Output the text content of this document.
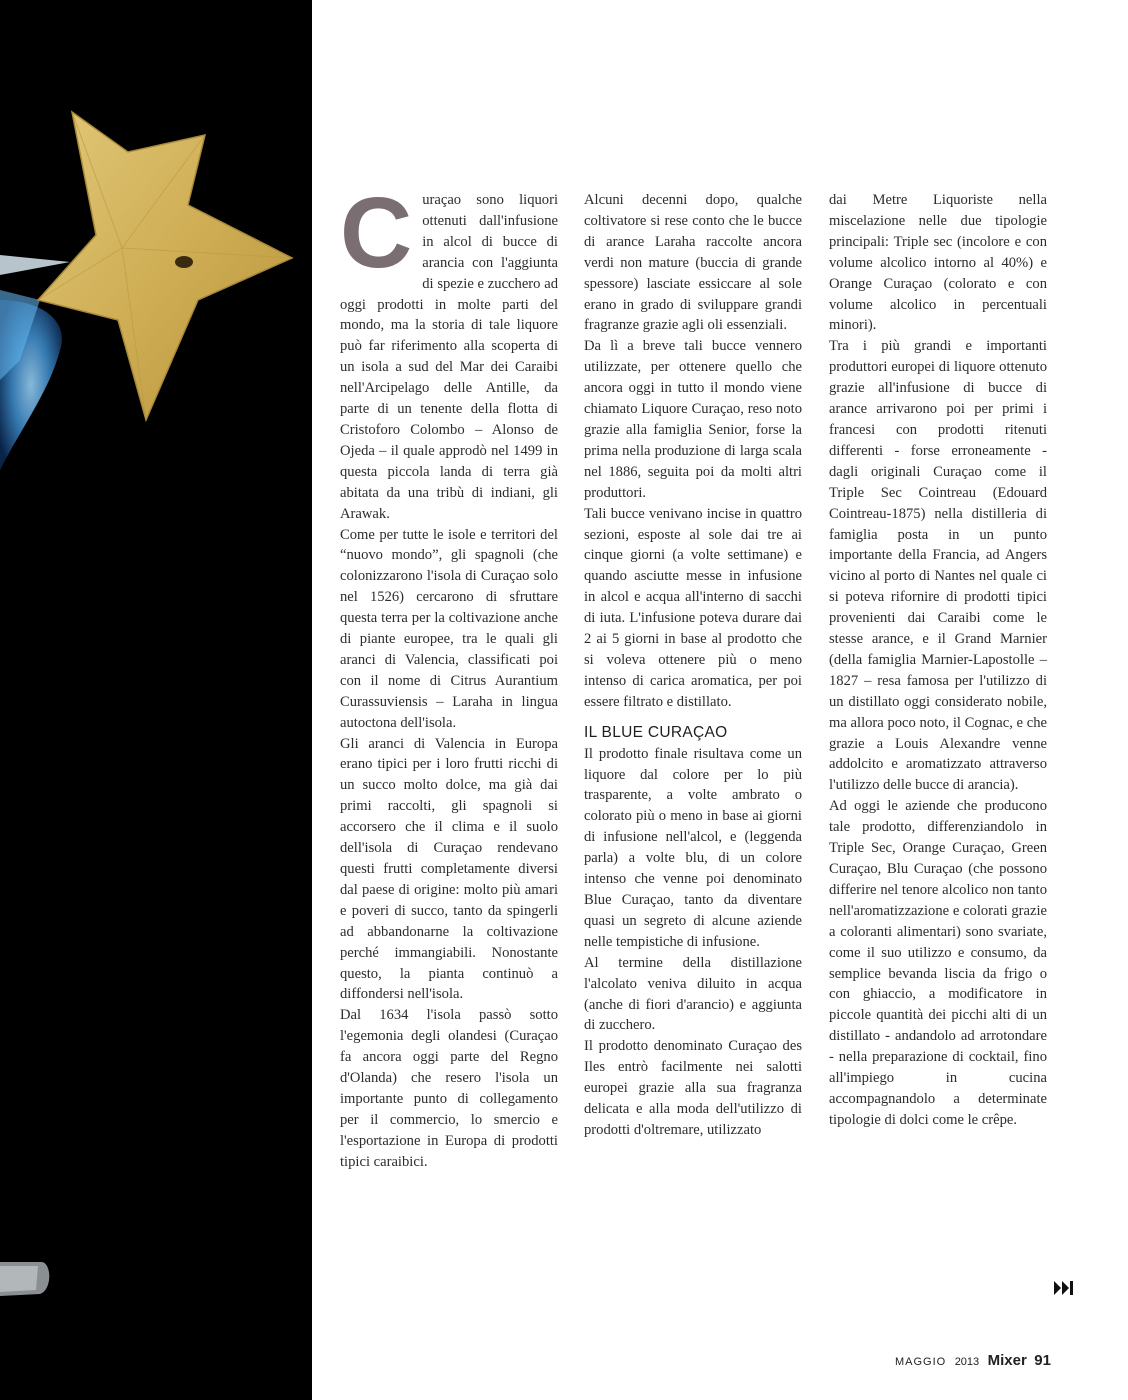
C uraçao sono liquori ottenuti dall'infusione in alcol di bucce di arancia con l'aggiunta di spezie e zucchero ad oggi prodotti in molte parti del mondo, ma la storia di tale liquore può far riferimento alla scoperta di un isola a sud del Mar dei Caraibi nell'Arcipelago delle Antille, da parte di un tenente della flotta di Cristoforo Colombo – Alonso de Ojeda – il quale approdò nel 1499 in questa piccola landa di terra già abitata da una tribù di indiani, gli Arawak.

Come per tutte le isole e territori del “nuovo mondo”, gli spagnoli (che colonizzarono l'isola di Curaçao solo nel 1526) cercarono di sfruttare questa terra per la coltivazione anche di piante europee, tra le quali gli aranci di Valencia, classificati poi con il nome di Citrus Aurantium Curassuviensis – Laraha in lingua autoctona dell'isola.

Gli aranci di Valencia in Europa erano tipici per i loro frutti ricchi di un succo molto dolce, ma già dai primi raccolti, gli spagnoli si accorsero che il clima e il suolo dell'isola di Curaçao rendevano questi frutti completamente diversi dal paese di origine: molto più amari e poveri di succo, tanto da spingerli ad abbandonarne la coltivazione perché immangiabili. Nonostante questo, la pianta continuò a diffondersi nell'isola.

Dal 1634 l'isola passò sotto l'egemonia degli olandesi (Curaçao fa ancora oggi parte del Regno d'Olanda) che resero l'isola un importante punto di collegamento per il commercio, lo smercio e l'esportazione in Europa di prodotti tipici caraibici.

Alcuni decenni dopo, qualche coltivatore si rese conto che le bucce di arance Laraha raccolte ancora verdi non mature (buccia di grande spessore) lasciate essiccare al sole erano in grado di sviluppare grandi fragranze grazie agli oli essenziali.

Da lì a breve tali bucce vennero utilizzate, per ottenere quello che ancora oggi in tutto il mondo viene chiamato Liquore Curaçao, reso noto grazie alla famiglia Senior, forse la prima nella produzione di larga scala nel 1886, seguita poi da molti altri produttori.

Tali bucce venivano incise in quattro sezioni, esposte al sole dai tre ai cinque giorni (a volte settimane) e quando asciutte messe in infusione in alcol e acqua all'interno di sacchi di iuta. L'infusione poteva durare dai 2 ai 5 giorni in base al prodotto che si voleva ottenere più o meno intenso di carica aromatica, per poi essere filtrato e distillato.

IL BLUE CURAÇAO

Il prodotto finale risultava come un liquore dal colore per lo più trasparente, a volte ambrato o colorato più o meno in base ai giorni di infusione nell'alcol, e (leggenda parla) a volte blu, di un colore intenso che venne poi denominato Blue Curaçao, tanto da diventare quasi un segreto di alcune aziende nelle tempistiche di infusione.

Al termine della distillazione l'alcolato veniva diluito in acqua (anche di fiori d'arancio) e aggiunta di zucchero.

Il prodotto denominato Curaçao des Iles entrò facilmente nei salotti europei grazie alla sua fragranza delicata e alla moda dell'utilizzo di prodotti d'oltremare, utilizzato

dai Metre Liquoriste nella miscelazione nelle due tipologie principali: Triple sec (incolore e con volume alcolico intorno al 40%) e Orange Curaçao (colorato e con volume alcolico in percentuali minori).

Tra i più grandi e importanti produttori europei di liquore ottenuto grazie all'infusione di bucce di arance arrivarono poi per primi i francesi con prodotti ritenuti differenti - forse erroneamente - dagli originali Curaçao come il Triple Sec Cointreau (Edouard Cointreau-1875) nella distilleria di famiglia posta in un punto importante della Francia, ad Angers vicino al porto di Nantes nel quale ci si poteva rifornire di prodotti tipici provenienti dai Caraibi come le stesse arance, e il Grand Marnier (della famiglia Marnier-Lapostolle – 1827 – resa famosa per l'utilizzo di un distillato oggi considerato nobile, ma allora poco noto, il Cognac, e che grazie a Louis Alexandre venne addolcito e aromatizzato attraverso l'utilizzo delle bucce di arancia).

Ad oggi le aziende che producono tale prodotto, differenziandolo in Triple Sec, Orange Curaçao, Green Curaçao, Blu Curaçao (che possono differire nel tenore alcolico non tanto nell'aromatizzazione e colorati grazie a coloranti alimentari) sono svariate, come il suo utilizzo e consumo, da semplice bevanda liscia da frigo o con ghiaccio, a modificatore in piccole quantità dei picchi alti di un distillato - andandolo ad arrotondare - nella preparazione di cocktail, fino all'impiego in cucina accompagnandolo a determinate tipologie di dolci come le crêpe.

MAGGIO 2013 Mixer 91
